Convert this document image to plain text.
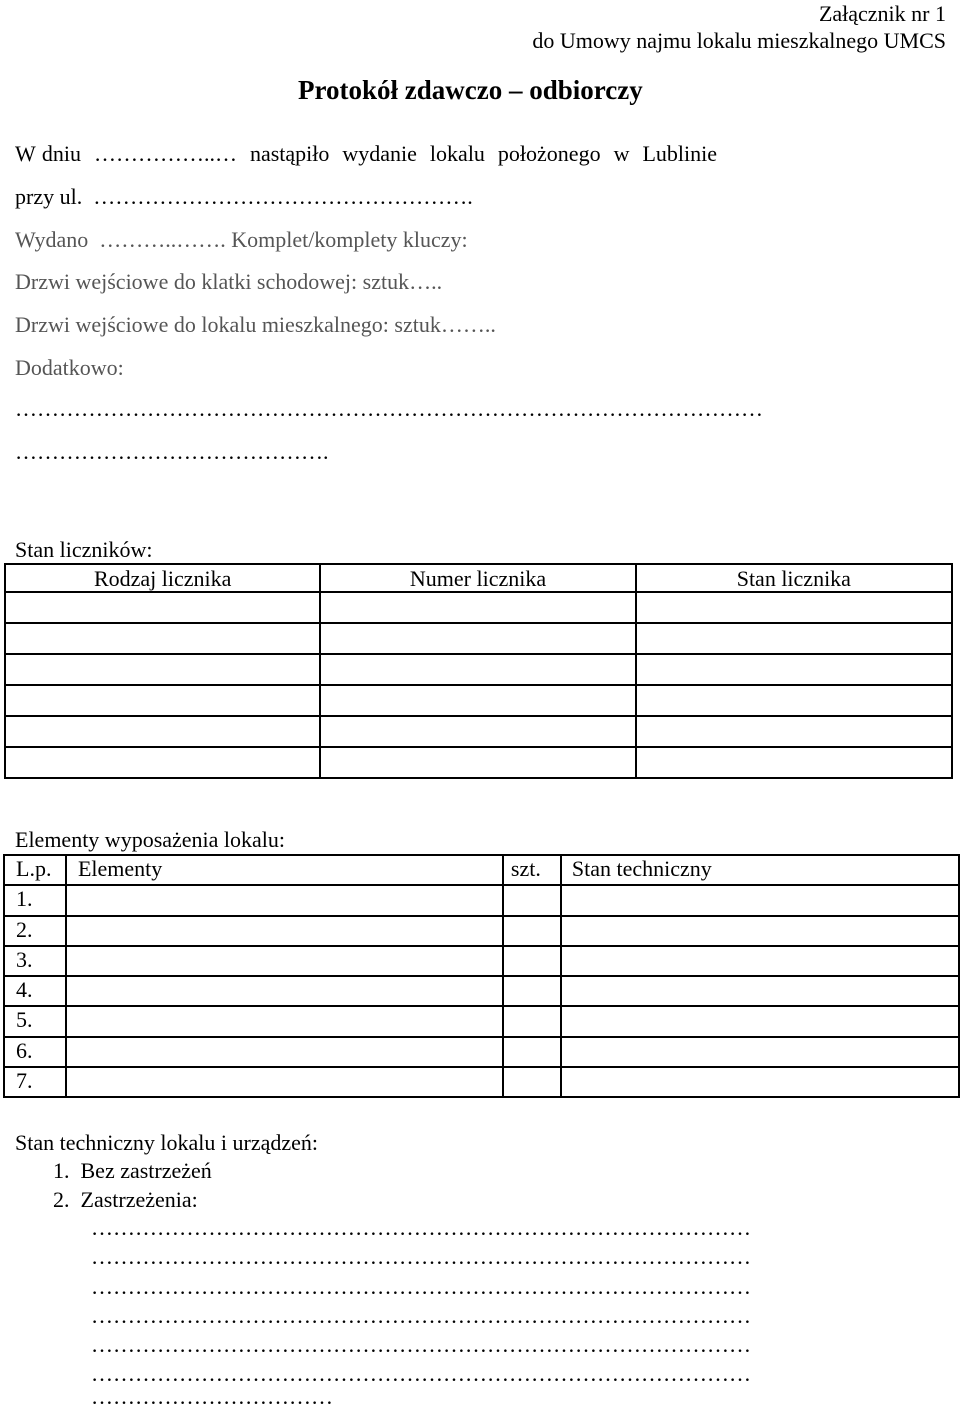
Załącznik nr 1
do Umowy najmu lokalu mieszkalnego UMCS
Protokół zdawczo – odbiorczy
W dniu  ……………..…  nastąpiło  wydanie  lokalu  położonego  w  Lublinie
przy ul.  …………………………………………….
Wydano  ………..……. Komplet/komplety kluczy:
Drzwi wejściowe do klatki schodowej: sztuk…..
Drzwi wejściowe do lokalu mieszkalnego: sztuk……..
Dodatkowo:
…………………………………………………………………………………………
…………………………………….
Stan liczników:
Rodzaj licznika	Numer licznika	Stan licznika

Elementy wyposażenia lokalu:
L.p.	Elementy	szt.	Stan techniczny
1.			
2.			
3.			
4.			
5.			
6.			
7.			
Stan techniczny lokalu i urządzeń:
1.  Bez zastrzeżeń
2.  Zastrzeżenia:
………………………………………………………………………………
………………………………………………………………………………
………………………………………………………………………………
………………………………………………………………………………
………………………………………………………………………………
………………………………………………………………………………
……………………………
